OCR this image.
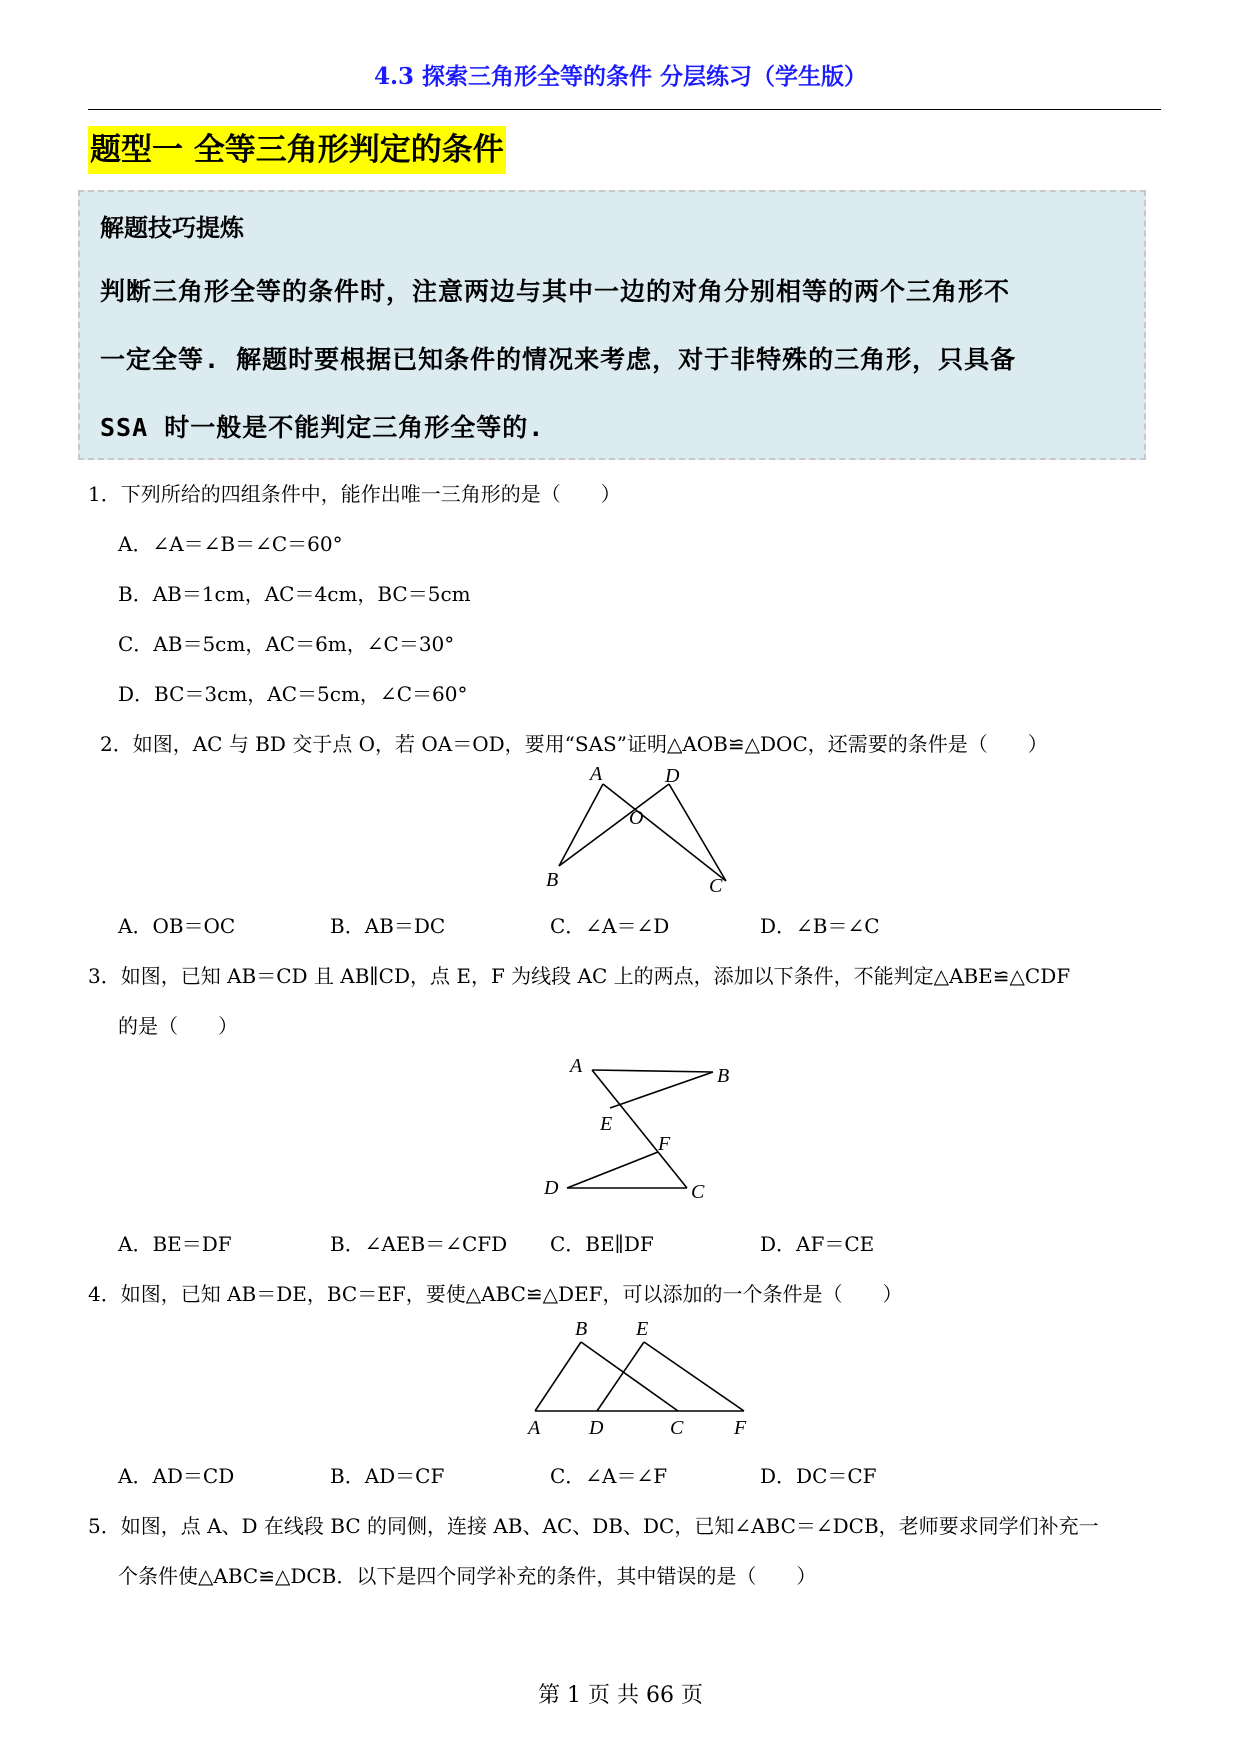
4.3 探索三角形全等的条件 分层练习（学生版）
题型一 全等三角形判定的条件
解题技巧提炼
判断三角形全等的条件时，注意两边与其中一边的对角分别相等的两个三角形不
一定全等. 解题时要根据已知条件的情况来考虑，对于非特殊的三角形，只具备
SSA 时一般是不能判定三角形全等的.
1．下列所给的四组条件中，能作出唯一三角形的是（　　）
A．∠A＝∠B＝∠C＝60°
B．AB＝1cm，AC＝4cm，BC＝5cm
C．AB＝5cm，AC＝6m，∠C＝30°
D．BC＝3cm，AC＝5cm，∠C＝60°
2．如图，AC 与 BD 交于点 O，若 OA＝OD，要用“SAS”证明△AOB≌△DOC，还需要的条件是（　　）
A	D
O
B	C
A．OB＝OC	B．AB＝DC	C．∠A＝∠D	D．∠B＝∠C
3．如图，已知 AB＝CD 且 AB∥CD，点 E，F 为线段 AC 上的两点，添加以下条件，不能判定△ABE≌△CDF
的是（　　）
A	B
E
F
D	C
A．BE＝DF	B．∠AEB＝∠CFD C．BE∥DF	D．AF＝CE
4．如图，已知 AB＝DE，BC＝EF，要使△ABC≌△DEF，可以添加的一个条件是（　　）
B E
A D	C	F
A．AD＝CD	B．AD＝CF	C．∠A＝∠F	D．DC＝CF
5．如图，点 A、D 在线段 BC 的同侧，连接 AB、AC、DB、DC，已知∠ABC＝∠DCB，老师要求同学们补充一
个条件使△ABC≌△DCB．以下是四个同学补充的条件，其中错误的是（　　）
第 1 页 共 66 页
